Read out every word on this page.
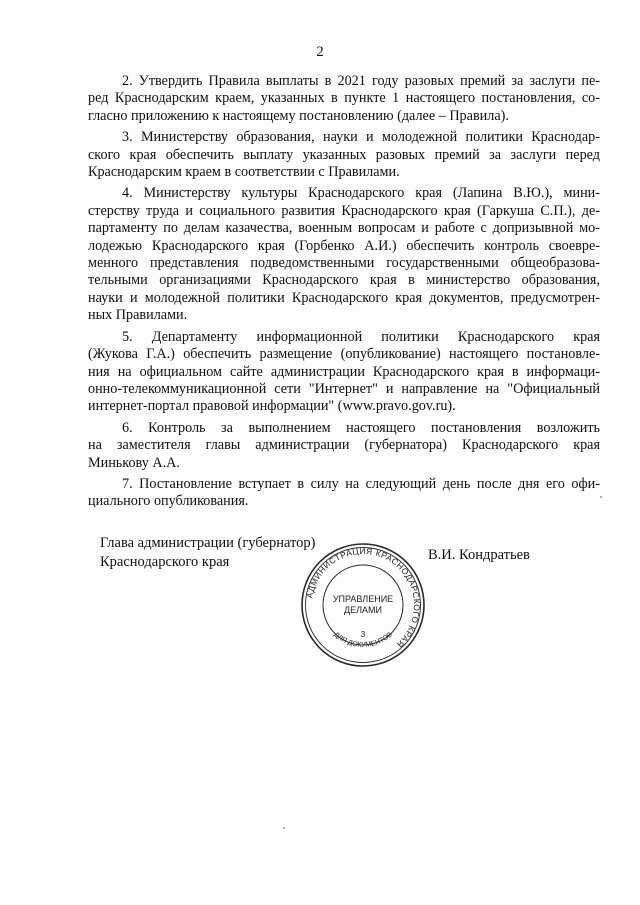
2

2. Утвердить Правила выплаты в 2021 году разовых премий за заслуги пе-
ред Краснодарским краем, указанных в пункте 1 настоящего постановления, со-
гласно приложению к настоящему постановлению (далее – Правила).

3. Министерству образования, науки и молодежной политики Краснодар-
ского края обеспечить выплату указанных разовых премий за заслуги перед
Краснодарским краем в соответствии с Правилами.

4. Министерству культуры Краснодарского края (Лапина В.Ю.), мини-
стерству труда и социального развития Краснодарского края (Гаркуша С.П.), де-
партаменту по делам казачества, военным вопросам и работе с допризывной мо-
лодежью Краснодарского края (Горбенко А.И.) обеспечить контроль своевре-
менного представления подведомственными государственными общеобразова-
тельными организациями Краснодарского края в министерство образования,
науки и молодежной политики Краснодарского края документов, предусмотрен-
ных Правилами.

5. Департаменту информационной политики Краснодарского края
(Жукова Г.А.) обеспечить размещение (опубликование) настоящего постановле-
ния на официальном сайте администрации Краснодарского края в информаци-
онно-телекоммуникационной сети "Интернет" и направление на "Официальный
интернет-портал правовой информации" (www.pravo.gov.ru).

6. Контроль за выполнением настоящего постановления возложить
на заместителя главы администрации (губернатора) Краснодарского края
Минькову А.А.

7. Постановление вступает в силу на следующий день после дня его офи-
циального опубликования.

Глава администрации (губернатор)
Краснодарского края	В.И. Кондратьев
АДМИНИСТРАЦИЯ КРАСНОДАРСКОГО КРАЯ
ДЛЯ ДОКУМЕНТОВ
УПРАВЛЕНИЕ
ДЕЛАМИ
3
